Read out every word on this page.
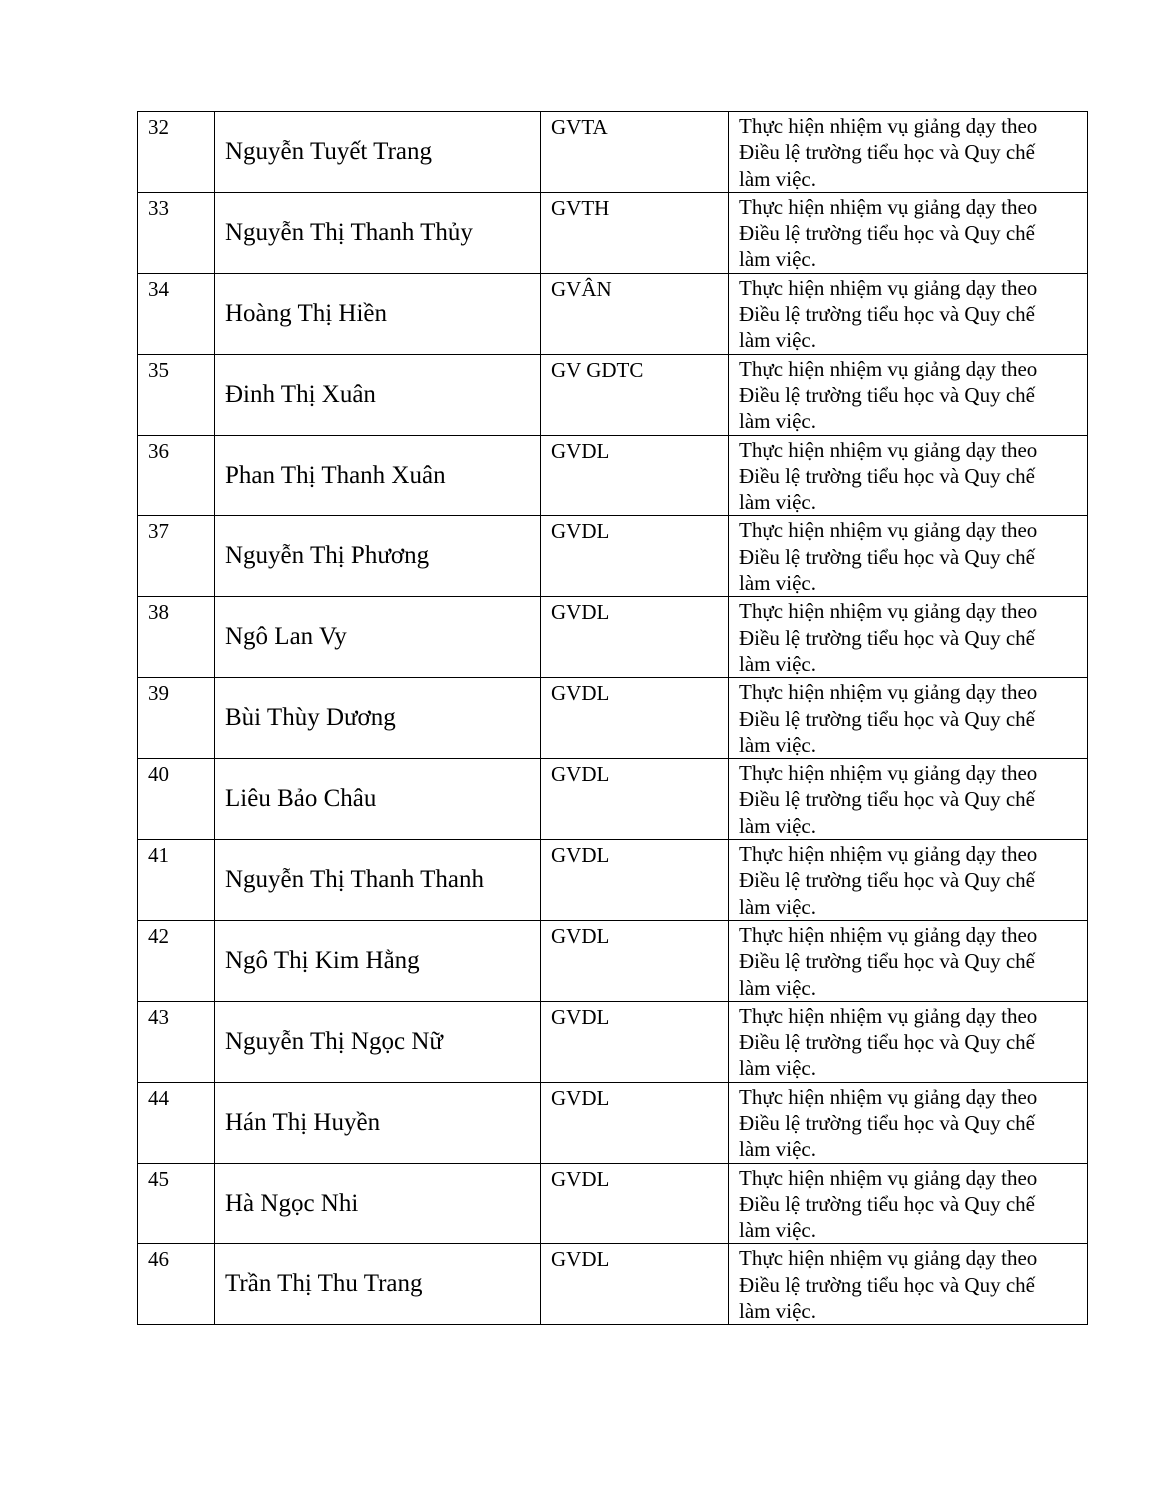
32	Nguyễn Tuyết Trang	GVTA	Thực hiện nhiệm vụ giảng dạy theo
Điều lệ trường tiểu học và Quy chế
làm việc.

33	Nguyễn Thị Thanh Thủy	GVTH	Thực hiện nhiệm vụ giảng dạy theo
Điều lệ trường tiểu học và Quy chế
làm việc.

34	Hoàng Thị Hiền	GVÂN	Thực hiện nhiệm vụ giảng dạy theo
Điều lệ trường tiểu học và Quy chế
làm việc.

35	Đinh Thị Xuân	GV GDTC	Thực hiện nhiệm vụ giảng dạy theo
Điều lệ trường tiểu học và Quy chế
làm việc.

36	Phan Thị Thanh Xuân	GVDL	Thực hiện nhiệm vụ giảng dạy theo
Điều lệ trường tiểu học và Quy chế
làm việc.

37	Nguyễn Thị Phương	GVDL	Thực hiện nhiệm vụ giảng dạy theo
Điều lệ trường tiểu học và Quy chế
làm việc.

38	Ngô Lan Vy	GVDL	Thực hiện nhiệm vụ giảng dạy theo
Điều lệ trường tiểu học và Quy chế
làm việc.

39	Bùi Thùy Dương	GVDL	Thực hiện nhiệm vụ giảng dạy theo
Điều lệ trường tiểu học và Quy chế
làm việc.

40	Liêu Bảo Châu	GVDL	Thực hiện nhiệm vụ giảng dạy theo
Điều lệ trường tiểu học và Quy chế
làm việc.

41	Nguyễn Thị Thanh Thanh	GVDL	Thực hiện nhiệm vụ giảng dạy theo
Điều lệ trường tiểu học và Quy chế
làm việc.

42	Ngô Thị Kim Hằng	GVDL	Thực hiện nhiệm vụ giảng dạy theo
Điều lệ trường tiểu học và Quy chế
làm việc.

43	Nguyễn Thị Ngọc Nữ	GVDL	Thực hiện nhiệm vụ giảng dạy theo
Điều lệ trường tiểu học và Quy chế
làm việc.

44	Hán Thị Huyền	GVDL	Thực hiện nhiệm vụ giảng dạy theo
Điều lệ trường tiểu học và Quy chế
làm việc.

45	Hà Ngọc Nhi	GVDL	Thực hiện nhiệm vụ giảng dạy theo
Điều lệ trường tiểu học và Quy chế
làm việc.

46	Trần Thị Thu Trang	GVDL	Thực hiện nhiệm vụ giảng dạy theo
Điều lệ trường tiểu học và Quy chế
làm việc.
